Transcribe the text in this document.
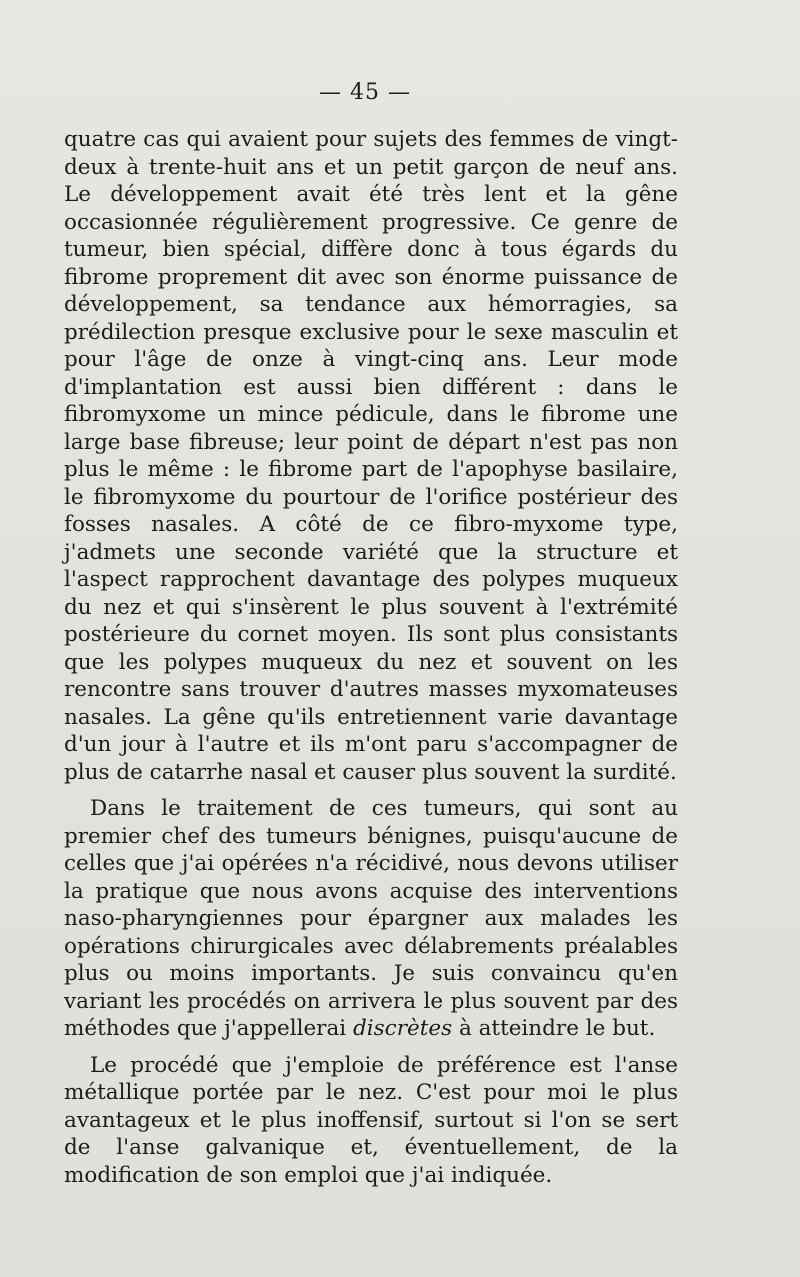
— 45 —

quatre cas qui avaient pour sujets des femmes de vingt-deux à trente-huit ans et un petit garçon de neuf ans. Le développement avait été très lent et la gêne occasionnée régulièrement progressive. Ce genre de tumeur, bien spécial, diffère donc à tous égards du fibrome proprement dit avec son énorme puissance de développement, sa tendance aux hémorragies, sa prédilection presque exclusive pour le sexe masculin et pour l'âge de onze à vingt-cinq ans. Leur mode d'implantation est aussi bien différent : dans le fibromyxome un mince pédicule, dans le fibrome une large base fibreuse; leur point de départ n'est pas non plus le même : le fibrome part de l'apophyse basilaire, le fibromyxome du pourtour de l'orifice postérieur des fosses nasales. A côté de ce fibro-myxome type, j'admets une seconde variété que la structure et l'aspect rapprochent davantage des polypes muqueux du nez et qui s'insèrent le plus souvent à l'extrémité postérieure du cornet moyen. Ils sont plus consistants que les polypes muqueux du nez et souvent on les rencontre sans trouver d'autres masses myxomateuses nasales. La gêne qu'ils entretiennent varie davantage d'un jour à l'autre et ils m'ont paru s'accompagner de plus de catarrhe nasal et causer plus souvent la surdité.

Dans le traitement de ces tumeurs, qui sont au premier chef des tumeurs bénignes, puisqu'aucune de celles que j'ai opérées n'a récidivé, nous devons utiliser la pratique que nous avons acquise des interventions naso-pharyngiennes pour épargner aux malades les opérations chirurgicales avec délabrements préalables plus ou moins importants. Je suis convaincu qu'en variant les procédés on arrivera le plus souvent par des méthodes que j'appellerai discrètes à atteindre le but.

Le procédé que j'emploie de préférence est l'anse métallique portée par le nez. C'est pour moi le plus avantageux et le plus inoffensif, surtout si l'on se sert de l'anse galvanique et, éventuellement, de la modification de son emploi que j'ai indiquée.
